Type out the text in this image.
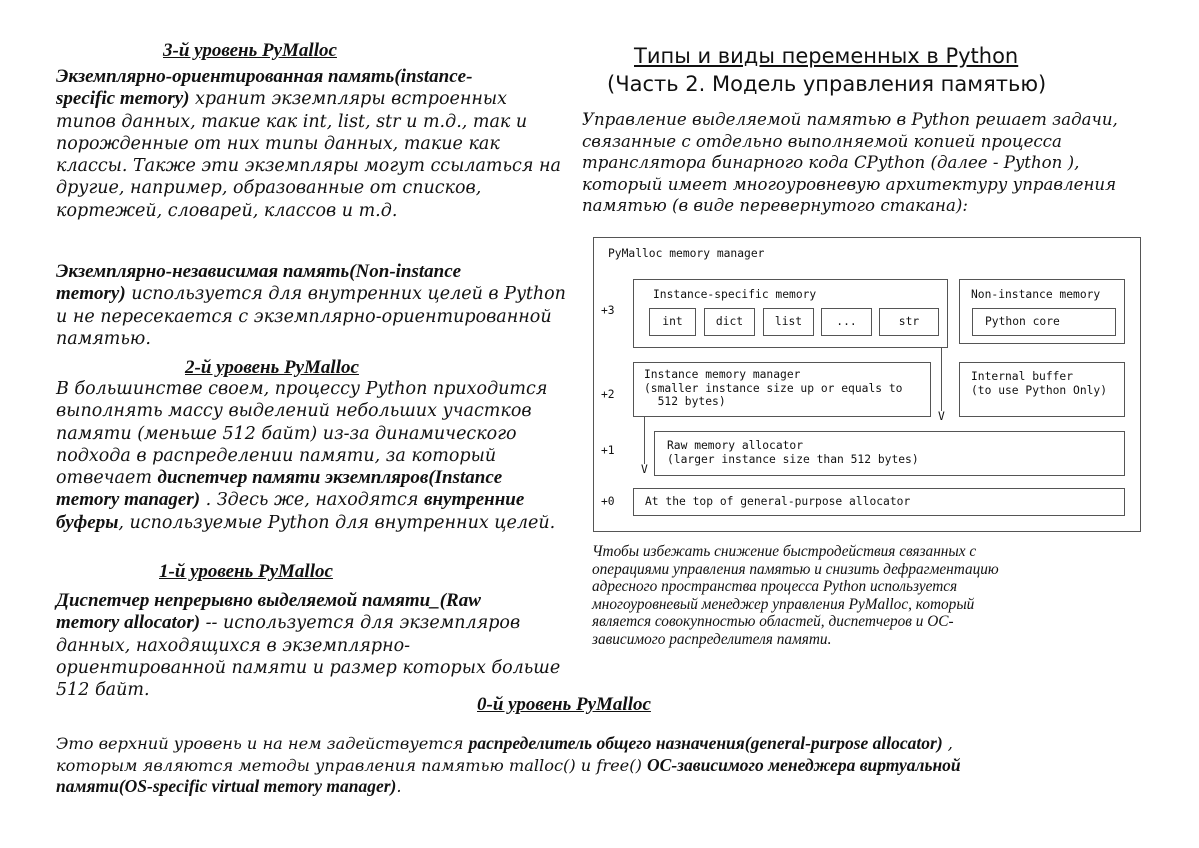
3-й уровень PyMalloc
Экземплярно-ориентированная память(instance-
specific memory) хранит экземпляры встроенных
типов данных, такие как int, list, str и т.д., так и
порожденные от них типы данных, такие как
классы. Также эти экземпляры могут ссылаться на
другие, например, образованные от списков,
кортежей, словарей, классов и т.д.
Экземплярно-независимая память(Non-instance
memory) используется для внутренних целей в Python
и не пересекается с экземплярно-ориентированной
памятью.
2-й уровень PyMalloc
В большинстве своем, процессу Python приходится
выполнять массу выделений небольших участков
памяти (меньше 512 байт) из-за динамического
подхода в распределении памяти, за который
отвечает диспетчер памяти экземпляров(Instance
memory manager) . Здесь же, находятся внутренние
буферы, используемые Python для внутренних целей.
1-й уровень PyMalloc
Диспетчер непрерывно выделяемой памяти_(Raw
memory allocator) -- используется для экземпляров
данных, находящихся в экземплярно-
ориентированной памяти и размер которых больше
512 байт.
Типы и виды переменных в Python
(Часть 2. Модель управления памятью)
Управление выделяемой памятью в Python решает задачи,
связанные с отдельно выполняемой копией процесса
транслятора бинарного кода CPython (далее - Python ),
который имеет многоуровневую архитектуру управления
памятью (в виде перевернутого стакана):
PyMalloc memory manager
+3
+2
+1
+0
Instance-specific memory
int	dict	list	...	str
Non-instance memory
Python core
Instance memory manager
(smaller instance size up or equals to
512 bytes)
Internal buffer
(to use Python Only)
V
V
Raw memory allocator
(larger instance size than 512 bytes)
At the top of general-purpose allocator
Чтобы избежать снижение быстродействия связанных с
операциями управления памятью и снизить дефрагментацию
адресного пространства процесса Python используется
многоуровневый менеджер управления PyMalloc, который
является совокупностью областей, диспетчеров и ОС-
зависимого распределителя памяти.
0-й уровень PyMalloc
Это верхний уровень и на нем задействуется распределитель общего назначения(general-purpose allocator) ,
которым являются методы управления памятью malloc() и free() ОС-зависимого менеджера виртуальной
памяти(OS-specific virtual memory manager).
